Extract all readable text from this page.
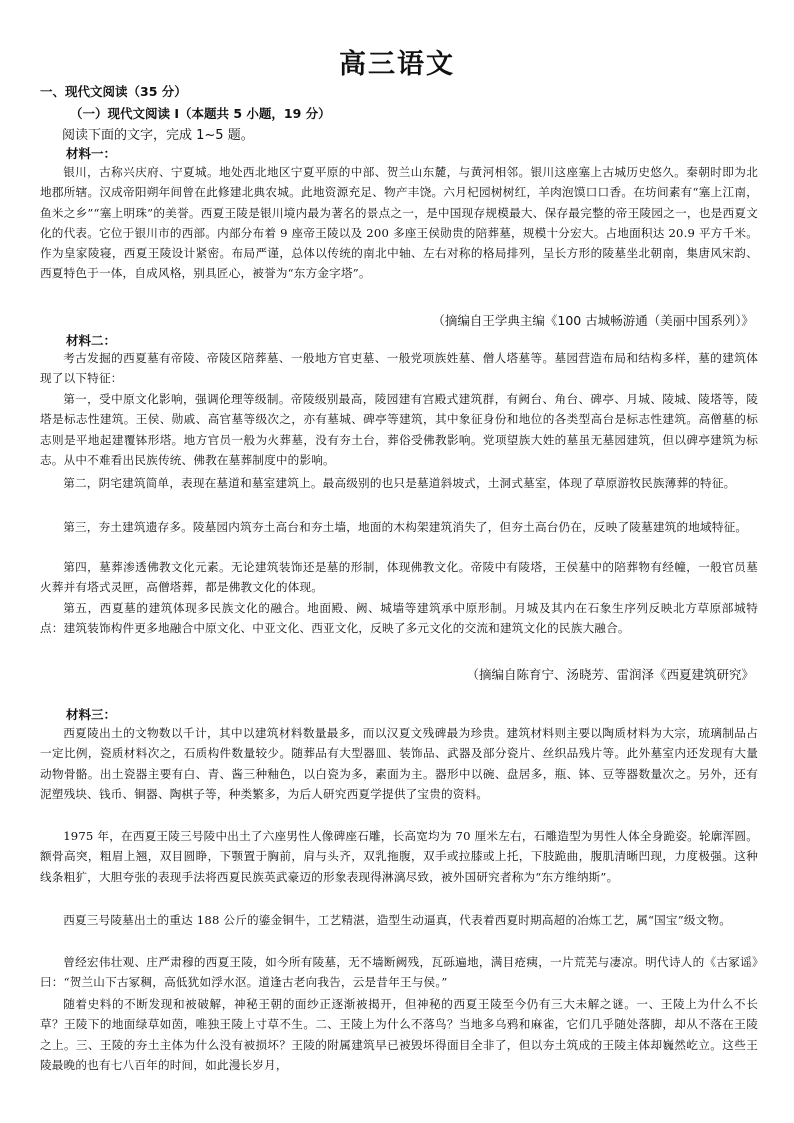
高三语文
一、现代文阅读（35 分）
（一）现代文阅读 I（本题共 5 小题，19 分）
阅读下面的文字，完成 1~5 题。
材料一：
银川，古称兴庆府、宁夏城。地处西北地区宁夏平原的中部、贺兰山东麓，与黄河相邻。银川这座塞上古城历史悠久。秦朝时即为北地郡所辖。汉成帝阳朔年间曾在此修建北典农城。此地资源充足、物产丰饶。六月杞园树树红，羊肉泡馍口口香。在坊间素有“塞上江南，鱼米之乡”“塞上明珠”的美誉。西夏王陵是银川境内最为著名的景点之一，是中国现存规模最大、保存最完整的帝王陵园之一，也是西夏文化的代表。它位于银川市的西部。内部分布着 9 座帝王陵以及 200 多座王侯勋贵的陪葬墓，规模十分宏大。占地面积达 20.9 平方千米。作为皇家陵寝，西夏王陵设计紧密。布局严谨，总体以传统的南北中轴、左右对称的格局排列，呈长方形的陵墓坐北朝南，集唐风宋韵、西夏特色于一体，自成风格，别具匠心，被誉为“东方金字塔”。
（摘编自王学典主编《100 古城畅游通（美丽中国系列）》
材料二：
考古发掘的西夏墓有帝陵、帝陵区陪葬墓、一般地方官吏墓、一般党项族姓墓、僧人塔墓等。墓园营造布局和结构多样，墓的建筑体现了以下特征：
第一，受中原文化影响，强调伦理等级制。帝陵级别最高，陵园建有宫殿式建筑群，有阙台、角台、碑亭、月城、陵城、陵塔等，陵塔是标志性建筑。王侯、勋戚、高官墓等级次之，亦有墓城、碑亭等建筑，其中象征身份和地位的各类型高台是标志性建筑。高僧墓的标志则是平地起建覆钵形塔。地方官员一般为火葬墓，没有夯土台，葬俗受佛教影响。党项望族大姓的墓虽无墓园建筑，但以碑亭建筑为标志。从中不难看出民族传统、佛教在墓葬制度中的影响。
第二，阴宅建筑简单，表现在墓道和墓室建筑上。最高级别的也只是墓道斜坡式，土洞式墓室，体现了草原游牧民族薄葬的特征。
第三，夯土建筑遗存多。陵墓园内筑夯土高台和夯土墙，地面的木构架建筑消失了，但夯土高台仍在，反映了陵墓建筑的地域特征。
第四，墓葬渗透佛教文化元素。无论建筑装饰还是墓的形制，体现佛教文化。帝陵中有陵塔，王侯墓中的陪葬物有经幢，一般官员墓火葬并有塔式灵匣，高僧塔葬，都是佛教文化的体现。
第五，西夏墓的建筑体现多民族文化的融合。地面殿、阙、城墙等建筑承中原形制。月城及其内在石象生序列反映北方草原部城特点：建筑装饰构件更多地融合中原文化、中亚文化、西亚文化，反映了多元文化的交流和建筑文化的民族大融合。
（摘编自陈育宁、汤晓芳、雷润泽《西夏建筑研究》
材料三：
西夏陵出土的文物数以千计，其中以建筑材料数量最多，而以汉夏文残碑最为珍贵。建筑材料则主要以陶质材料为大宗，琉璃制品占一定比例，瓷质材料次之，石质构件数量较少。随葬品有大型器皿、装饰品、武器及部分瓷片、丝织品残片等。此外墓室内还发现有大量动物骨骼。出土瓷器主要有白、青、酱三种釉色，以白瓷为多，素面为主。器形中以碗、盘居多，瓶、钵、豆等器数量次之。另外，还有泥塑残块、钱币、铜器、陶棋子等，种类繁多，为后人研究西夏学提供了宝贵的资料。
1975 年，在西夏王陵三号陵中出土了六座男性人像碑座石雕，长高宽均为 70 厘米左右，石雕造型为男性人体全身跪姿。轮廓浑圆。额骨高突，粗眉上翘，双目圆睁，下颚置于胸前，肩与头齐，双乳拖腹，双手或拉膝或上托，下肢跪曲，腹肌清晰凹现，力度极强。这种线条粗犷，大胆夸张的表现手法将西夏民族英武豪迈的形象表现得淋漓尽致，被外国研究者称为“东方维纳斯”。
西夏三号陵墓出土的重达 188 公斤的鎏金铜牛，工艺精湛，造型生动逼真，代表着西夏时期高超的冶炼工艺，属“国宝”级文物。
曾经宏伟壮观、庄严肃穆的西夏王陵，如今所有陵墓，无不墙断阙残，瓦砾遍地，满目疮痍，一片荒芜与凄凉。明代诗人的《古冢谣》曰：“贺兰山下古冢稠，高低犹如浮水沤。道逢古老向我告，云是昔年王与侯。”
随着史料的不断发现和被破解，神秘王朝的面纱正逐渐被揭开，但神秘的西夏王陵至今仍有三大未解之谜。一、王陵上为什么不长草？王陵下的地面绿草如茵，唯独王陵上寸草不生。二、王陵上为什么不落鸟？当地多乌鸦和麻雀，它们几乎随处落脚，却从不落在王陵之上。三、王陵的夯土主体为什么没有被损坏？王陵的附属建筑早已被毁坏得面目全非了，但以夯土筑成的王陵主体却巍然屹立。这些王陵最晚的也有七八百年的时间，如此漫长岁月，
